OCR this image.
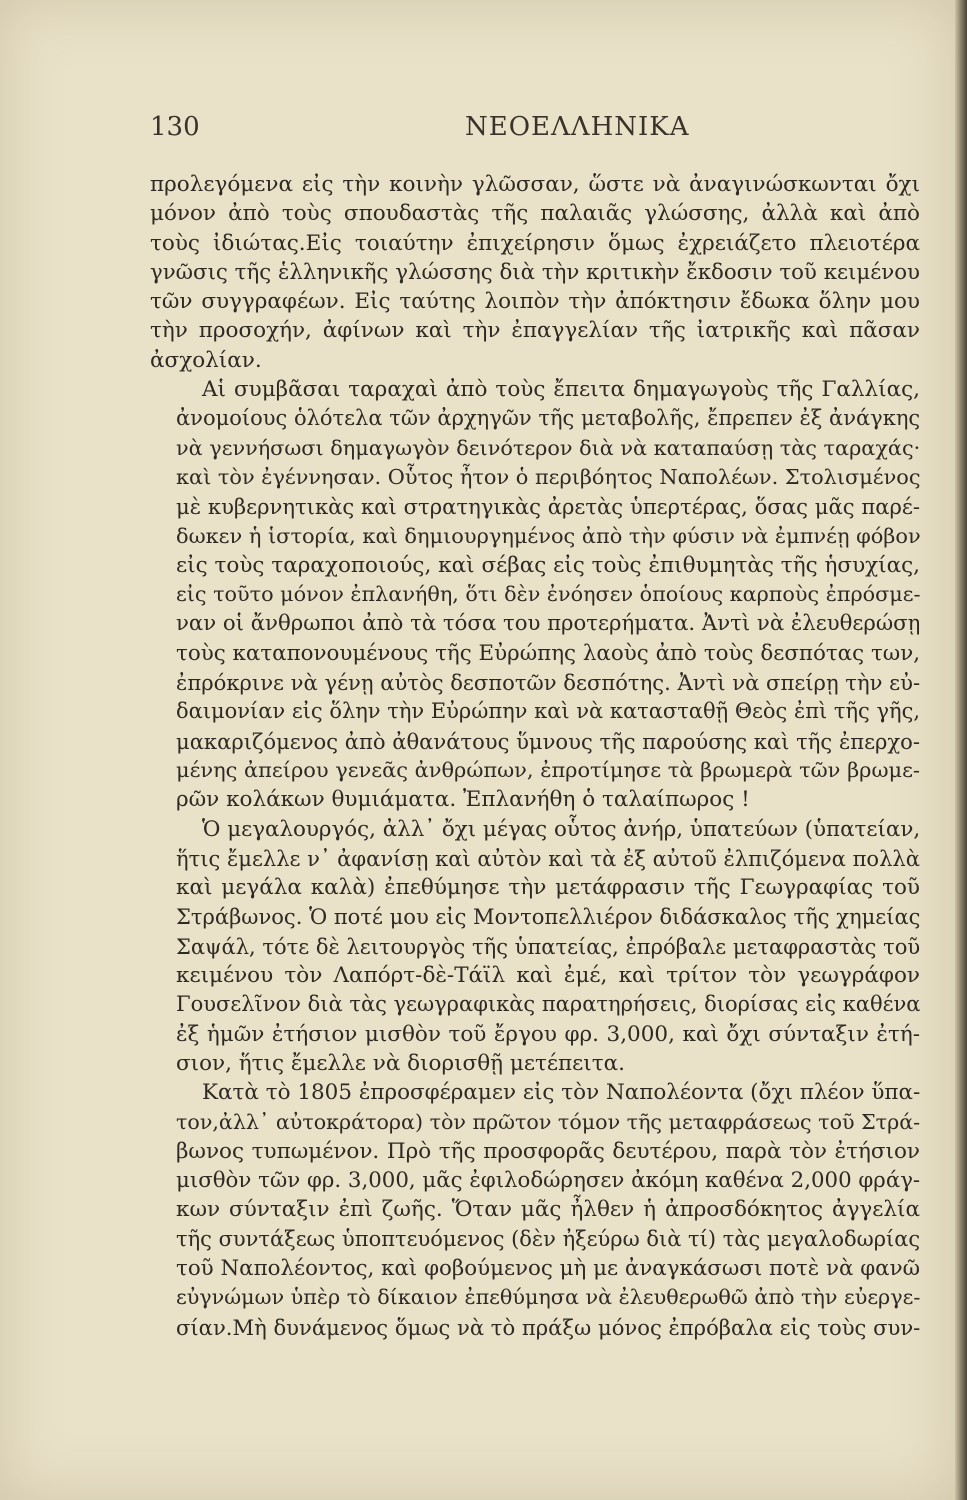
130	ΝΕΟΕΛΛΗΝΙΚΑ
προλεγόμενα εἰς τὴν κοινὴν γλῶσσαν, ὥστε νὰ ἀναγινώσκωνται ὄχι
μόνον ἀπὸ τοὺς σπουδαστὰς τῆς παλαιᾶς γλώσσης, ἀλλὰ καὶ ἀπὸ
τοὺς ἰδιώτας.Εἰς τοιαύτην ἐπιχείρησιν ὅμως ἐχρειάζετο πλειοτέρα
γνῶσις τῆς ἑλληνικῆς γλώσσης διὰ τὴν κριτικὴν ἔκδοσιν τοῦ κειμένου
τῶν συγγραφέων. Εἰς ταύτης λοιπὸν τὴν ἀπόκτησιν ἔδωκα ὅλην μου
τὴν προσοχήν, ἀφίνων καὶ τὴν ἐπαγγελίαν τῆς ἰατρικῆς καὶ πᾶσαν
ἀσχολίαν.
Αἱ συμβᾶσαι ταραχαὶ ἀπὸ τοὺς ἔπειτα δημαγωγοὺς τῆς Γαλλίας,
ἀνομοίους ὁλότελα τῶν ἀρχηγῶν τῆς μεταβολῆς, ἔπρεπεν ἐξ ἀνάγκης
νὰ γεννήσωσι δημαγωγὸν δεινότερον διὰ νὰ καταπαύσῃ τὰς ταραχάς·
καὶ τὸν ἐγέννησαν. Οὗτος ἦτον ὁ περιβόητος Ναπολέων. Στολισμένος
μὲ κυβερνητικὰς καὶ στρατηγικὰς ἀρετὰς ὑπερτέρας, ὅσας μᾶς παρέ-
δωκεν ἡ ἱστορία, καὶ δημιουργημένος ἀπὸ τὴν φύσιν νὰ ἐμπνέῃ φόβον
εἰς τοὺς ταραχοποιούς, καὶ σέβας εἰς τοὺς ἐπιθυμητὰς τῆς ἡσυχίας,
εἰς τοῦτο μόνον ἐπλανήθη, ὅτι δὲν ἐνόησεν ὁποίους καρποὺς ἐπρόσμε-
ναν οἱ ἄνθρωποι ἀπὸ τὰ τόσα του προτερήματα. Ἀντὶ νὰ ἐλευθερώσῃ
τοὺς καταπονουμένους τῆς Εὐρώπης λαοὺς ἀπὸ τοὺς δεσπότας των,
ἐπρόκρινε νὰ γένῃ αὐτὸς δεσποτῶν δεσπότης. Ἀντὶ νὰ σπείρῃ τὴν εὐ-
δαιμονίαν εἰς ὅλην τὴν Εὐρώπην καὶ νὰ κατασταθῇ Θεὸς ἐπὶ τῆς γῆς,
μακαριζόμενος ἀπὸ ἀθανάτους ὕμνους τῆς παρούσης καὶ τῆς ἐπερχο-
μένης ἀπείρου γενεᾶς ἀνθρώπων, ἐπροτίμησε τὰ βρωμερὰ τῶν βρωμε-
ρῶν κολάκων θυμιάματα. Ἐπλανήθη ὁ ταλαίπωρος !
Ὁ μεγαλουργός, ἀλλ᾽ ὄχι μέγας οὗτος ἀνήρ, ὑπατεύων (ὑπατείαν,
ἥτις ἔμελλε ν᾽ ἀφανίσῃ καὶ αὐτὸν καὶ τὰ ἐξ αὐτοῦ ἐλπιζόμενα πολλὰ
καὶ μεγάλα καλὰ) ἐπεθύμησε τὴν μετάφρασιν τῆς Γεωγραφίας τοῦ
Στράβωνος. Ὁ ποτέ μου εἰς Μοντοπελλιέρον διδάσκαλος τῆς χημείας
Σαψάλ, τότε δὲ λειτουργὸς τῆς ὑπατείας, ἐπρόβαλε μεταφραστὰς τοῦ
κειμένου τὸν Λαπόρτ-δὲ-Τάϊλ καὶ ἐμέ, καὶ τρίτον τὸν γεωγράφον
Γουσελῖνον διὰ τὰς γεωγραφικὰς παρατηρήσεις, διορίσας εἰς καθένα
ἐξ ἡμῶν ἐτήσιον μισθὸν τοῦ ἔργου φρ. 3,000, καὶ ὄχι σύνταξιν ἐτή-
σιον, ἥτις ἔμελλε νὰ διορισθῇ μετέπειτα.
Κατὰ τὸ 1805 ἐπροσφέραμεν εἰς τὸν Ναπολέοντα (ὄχι πλέον ὕπα-
τον,ἀλλ᾽ αὐτοκράτορα) τὸν πρῶτον τόμον τῆς μεταφράσεως τοῦ Στρά-
βωνος τυπωμένον. Πρὸ τῆς προσφορᾶς δευτέρου, παρὰ τὸν ἐτήσιον
μισθὸν τῶν φρ. 3,000, μᾶς ἐφιλοδώρησεν ἀκόμη καθένα 2,000 φράγ-
κων σύνταξιν ἐπὶ ζωῆς. Ὅταν μᾶς ἦλθεν ἡ ἀπροσδόκητος ἀγγελία
τῆς συντάξεως ὑποπτευόμενος (δὲν ἠξεύρω διὰ τί) τὰς μεγαλοδωρίας
τοῦ Ναπολέοντος, καὶ φοβούμενος μὴ με ἀναγκάσωσι ποτὲ νὰ φανῶ
εὐγνώμων ὑπὲρ τὸ δίκαιον ἐπεθύμησα νὰ ἐλευθερωθῶ ἀπὸ τὴν εὐεργε-
σίαν.Μὴ δυνάμενος ὅμως νὰ τὸ πράξω μόνος ἐπρόβαλα εἰς τοὺς συν-
